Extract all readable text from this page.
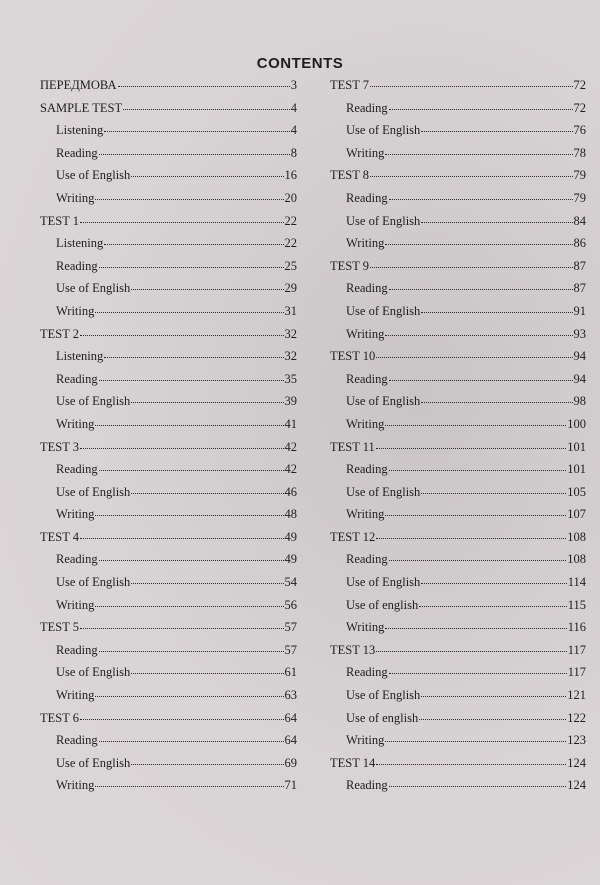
CONTENTS
ПЕРЕДМОВА	3
SAMPLE TEST	4
Listening	4
Reading	8
Use of English	16
Writing	20
TEST 1	22
Listening	22
Reading	25
Use of English	29
Writing	31
TEST 2	32
Listening	32
Reading	35
Use of English	39
Writing	41
TEST 3	42
Reading	42
Use of English	46
Writing	48
TEST 4	49
Reading	49
Use of English	54
Writing	56
TEST 5	57
Reading	57
Use of English	61
Writing	63
TEST 6	64
Reading	64
Use of English	69
Writing	71
TEST 7	72
Reading	72
Use of English	76
Writing	78
TEST 8	79
Reading	79
Use of English	84
Writing	86
TEST 9	87
Reading	87
Use of English	91
Writing	93
TEST 10	94
Reading	94
Use of English	98
Writing	100
TEST 11	101
Reading	101
Use of English	105
Writing	107
TEST 12	108
Reading	108
Use of English	114
Use of english	115
Writing	116
TEST 13	117
Reading	117
Use of English	121
Use of english	122
Writing	123
TEST 14	124
Reading	124
